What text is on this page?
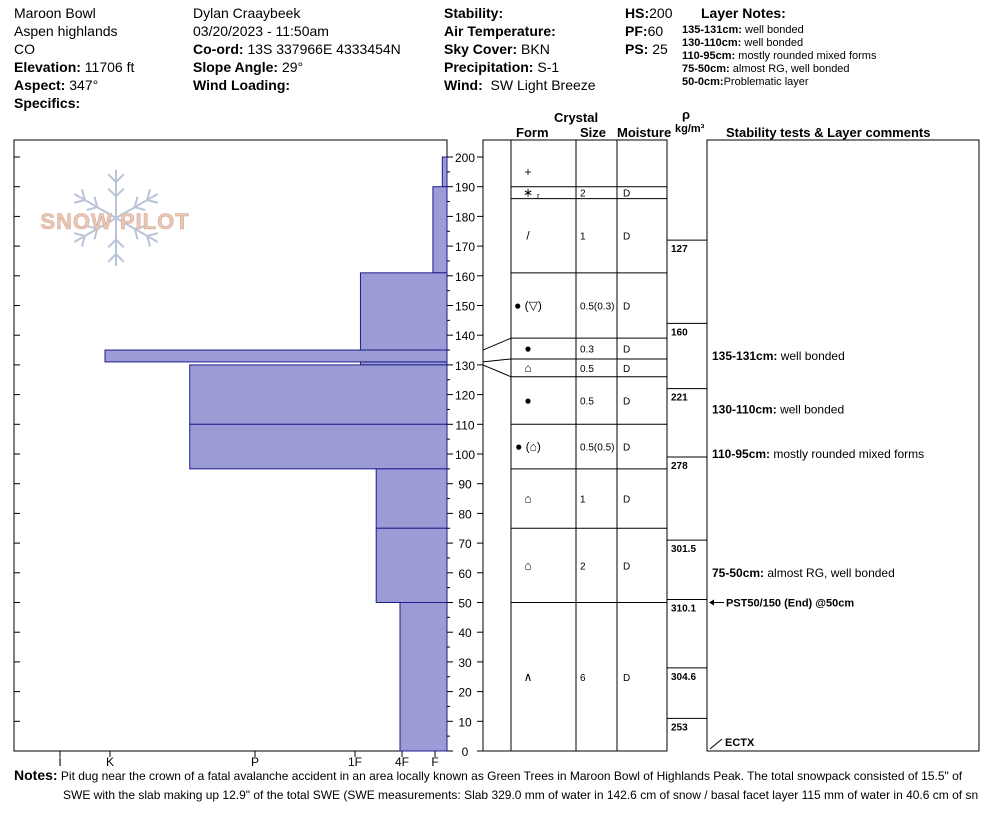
Maroon Bowl
Aspen highlands
CO
Elevation: 11706 ft
Aspect: 347°
Specifics:
Dylan Craaybeek
03/20/2023 - 11:50am
Co-ord: 13S 337966E 4333454N
Slope Angle: 29°
Wind Loading:
Stability:
Air Temperature:
Sky Cover: BKN
Precipitation: S-1
Wind: SW Light Breeze
HS:200
PF:60
PS: 25
Layer Notes:
135-131cm: well bonded
130-110cm: well bonded
110-95cm: mostly rounded mixed forms
75-50cm: almost RG, well bonded
50-0cm:Problematic layer
Crystal
Form Size Moisture
ρ
kg/m³ Stability tests & Layer comments
SNOW PILOT
+
∗ r	2	D
/	1	D
● (▽)	0.5(0.3) D
●	0.3	D
⌂	0.5	D
●	0.5	D
● (⌂)	0.5(0.5) D
⌂	1	D
⌂	2	D
∧	6	D
127
160
221
278
301.5
310.1
304.6
253
I	K	P	1F	4F F
0
10
20
30
40
50
60
70
80
90
100
110
120
130
140
150
160
170
180
190
200
135-131cm: well bonded
130-110cm: well bonded
110-95cm: mostly rounded mixed forms
75-50cm: almost RG, well bonded
PST50/150 (End) @50cm
ECTX
Notes: Pit dug near the crown of a fatal avalanche accident in an area locally known as Green Trees in Maroon Bowl of Highlands Peak. The total snowpack consisted of 15.5" of
SWE with the slab making up 12.9" of the total SWE (SWE measurements: Slab 329.0 mm of water in 142.6 cm of snow / basal facet layer 115 mm of water in 40.6 cm of sn
